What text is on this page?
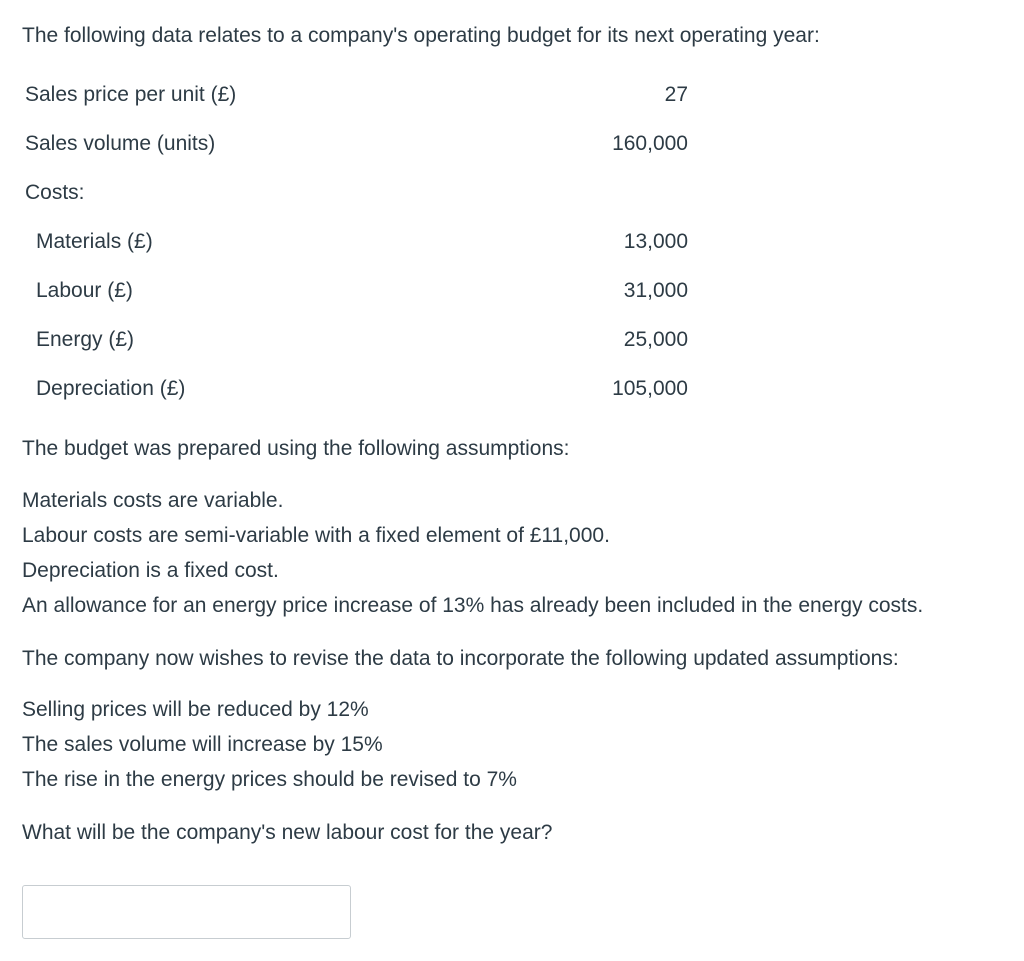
The following data relates to a company's operating budget for its next operating year:

Sales price per unit (£)	27
Sales volume (units)	160,000
Costs:
Materials (£)	13,000
Labour (£)	31,000
Energy (£)	25,000
Depreciation (£)	105,000

The budget was prepared using the following assumptions:

Materials costs are variable.

Labour costs are semi-variable with a fixed element of £11,000.

Depreciation is a fixed cost.

An allowance for an energy price increase of 13% has already been included in the energy costs.

The company now wishes to revise the data to incorporate the following updated assumptions:

Selling prices will be reduced by 12%

The sales volume will increase by 15%

The rise in the energy prices should be revised to 7%

What will be the company's new labour cost for the year?
